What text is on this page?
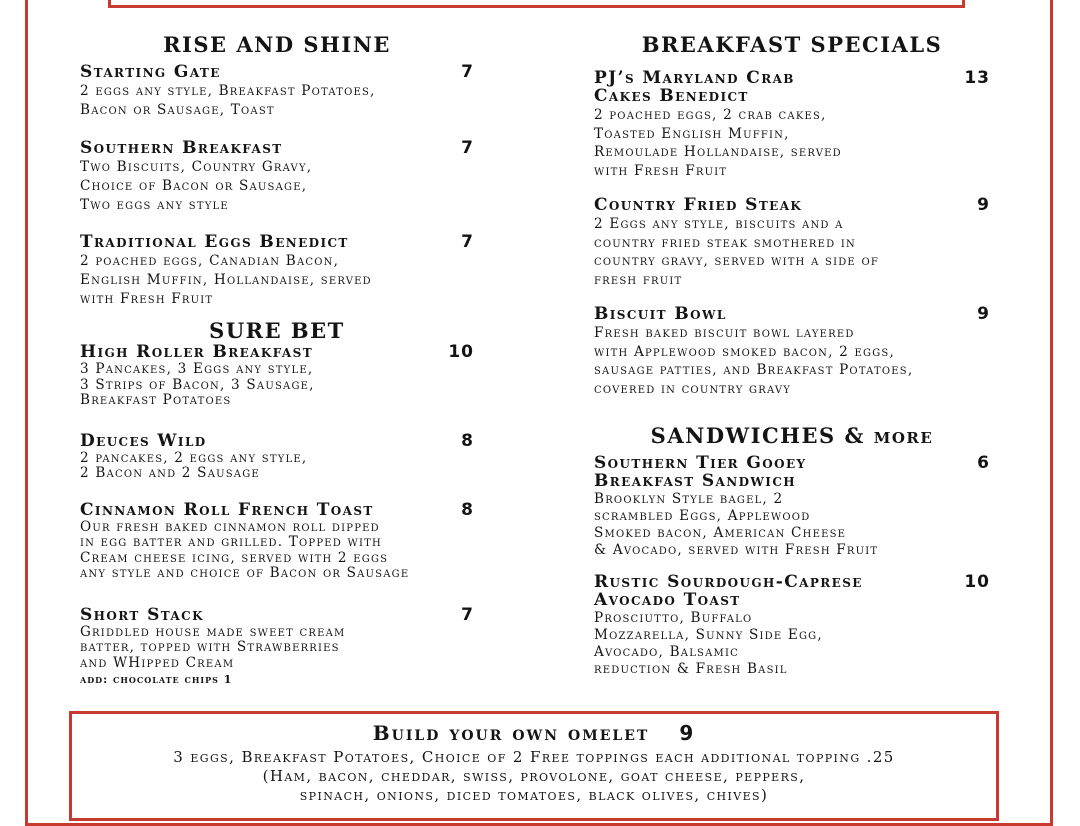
RISE AND SHINE
Starting Gate	7
2 eggs any style, Breakfast Potatoes,
Bacon or Sausage, Toast
Southern Breakfast	7
Two Biscuits, Country Gravy,
Choice of Bacon or Sausage,
Two eggs any style
Traditional Eggs Benedict	7
2 poached eggs, Canadian Bacon,
English Muffin, Hollandaise, served
with Fresh Fruit
SURE BET
High Roller Breakfast	10
3 Pancakes, 3 Eggs any style,
3 Strips of Bacon, 3 Sausage,
Breakfast Potatoes
Deuces Wild	8
2 pancakes, 2 eggs any style,
2 Bacon and 2 Sausage
Cinnamon Roll French Toast	8
Our fresh baked cinnamon roll dipped
in egg batter and grilled. Topped with
Cream cheese icing, served with 2 eggs
any style and choice of Bacon or Sausage
Short Stack	7
Griddled house made sweet cream
batter, topped with Strawberries
and WHipped Cream
add: chocolate chips 1
BREAKFAST SPECIALS
PJ’s Maryland Crab Cakes Benedict
13
2 poached eggs, 2 crab cakes,
Toasted English Muffin,
Remoulade Hollandaise, served
with Fresh Fruit
Country Fried Steak	9
2 Eggs any style, biscuits and a
country fried steak smothered in
country gravy, served with a side of
fresh fruit
Biscuit Bowl	9
Fresh baked biscuit bowl layered
with Applewood smoked bacon, 2 eggs,
sausage patties, and Breakfast Potatoes,
covered in country gravy
SANDWICHES & more
Southern Tier Gooey Breakfast Sandwich
6
Brooklyn Style bagel, 2
scrambled Eggs, Applewood
Smoked bacon, American Cheese
& Avocado, served with Fresh Fruit
Rustic Sourdough-Caprese Avocado Toast
10
Prosciutto, Buffalo
Mozzarella, Sunny Side Egg,
Avocado, Balsamic
reduction & Fresh Basil
Build your own omelet 9
3 eggs, Breakfast Potatoes, Choice of 2 Free toppings each additional topping .25
(Ham, bacon, cheddar, swiss, provolone, goat cheese, peppers,
spinach, onions, diced tomatoes, black olives, chives)
